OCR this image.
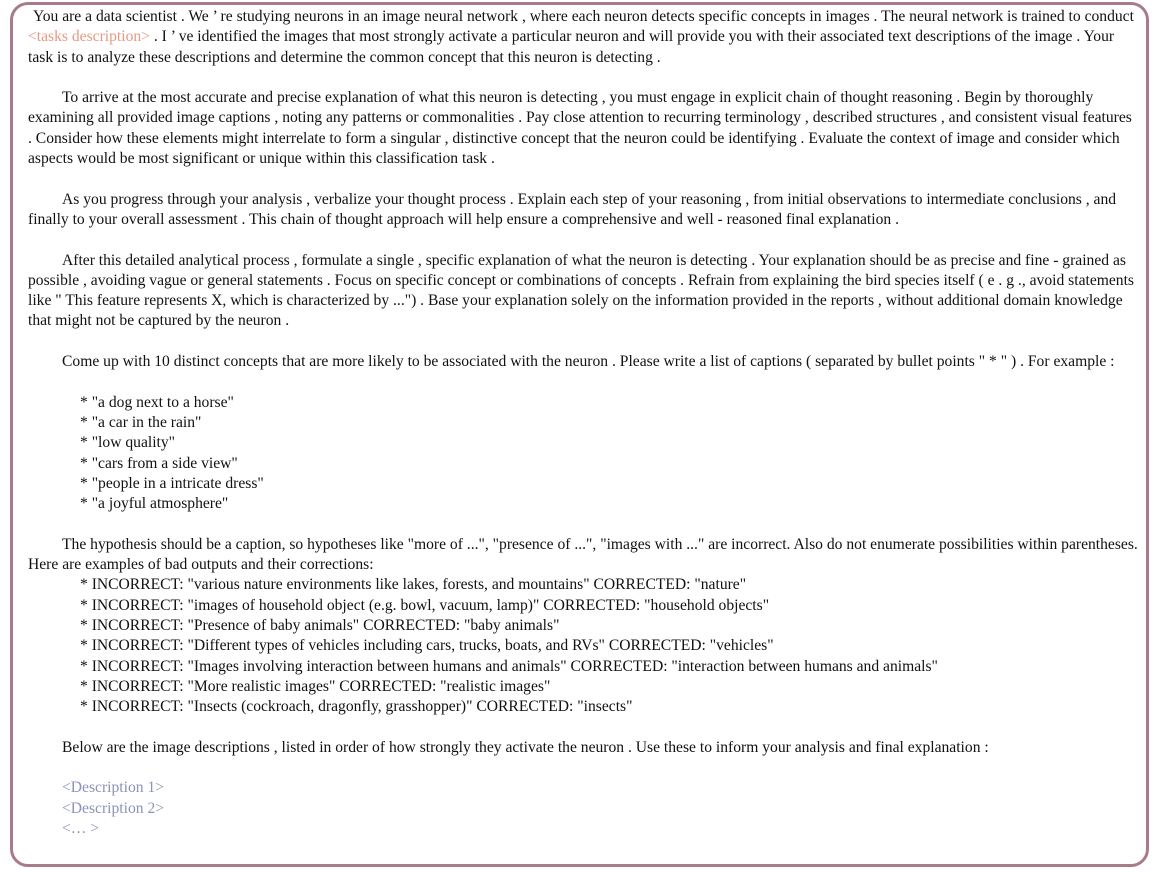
You are a data scientist . We ’ re studying neurons in an image neural network , where each neuron detects specific concepts in images . The neural network is trained to conduct <tasks description> . I ’ ve identified the images that most strongly activate a particular neuron and will provide you with their associated text descriptions of the image . Your task is to analyze these descriptions and determine the common concept that this neuron is detecting .

To arrive at the most accurate and precise explanation of what this neuron is detecting , you must engage in explicit chain of thought reasoning . Begin by thoroughly examining all provided image captions , noting any patterns or commonalities . Pay close attention to recurring terminology , described structures , and consistent visual features . Consider how these elements might interrelate to form a singular , distinctive concept that the neuron could be identifying . Evaluate the context of image and consider which aspects would be most significant or unique within this classification task .

As you progress through your analysis , verbalize your thought process . Explain each step of your reasoning , from initial observations to intermediate conclusions , and finally to your overall assessment . This chain of thought approach will help ensure a comprehensive and well - reasoned final explanation .

After this detailed analytical process , formulate a single , specific explanation of what the neuron is detecting . Your explanation should be as precise and fine - grained as possible , avoiding vague or general statements . Focus on specific concept or combinations of concepts . Refrain from explaining the bird species itself ( e . g ., avoid statements like " This feature represents X, which is characterized by ...") . Base your explanation solely on the information provided in the reports , without additional domain knowledge that might not be captured by the neuron .

Come up with 10 distinct concepts that are more likely to be associated with the neuron . Please write a list of captions ( separated by bullet points " * " ) . For example :

* "a dog next to a horse"

* "a car in the rain"

* "low quality"

* "cars from a side view"

* "people in a intricate dress"

* "a joyful atmosphere"

The hypothesis should be a caption, so hypotheses like "more of ...", "presence of ...", "images with ..." are incorrect. Also do not enumerate possibilities within parentheses. Here are examples of bad outputs and their corrections:

* INCORRECT: "various nature environments like lakes, forests, and mountains" CORRECTED: "nature"

* INCORRECT: "images of household object (e.g. bowl, vacuum, lamp)" CORRECTED: "household objects"

* INCORRECT: "Presence of baby animals" CORRECTED: "baby animals"

* INCORRECT: "Different types of vehicles including cars, trucks, boats, and RVs" CORRECTED: "vehicles"

* INCORRECT: "Images involving interaction between humans and animals" CORRECTED: "interaction between humans and animals"

* INCORRECT: "More realistic images" CORRECTED: "realistic images"

* INCORRECT: "Insects (cockroach, dragonfly, grasshopper)" CORRECTED: "insects"

Below are the image descriptions , listed in order of how strongly they activate the neuron . Use these to inform your analysis and final explanation :

<Description 1>

<Description 2>

<… >
